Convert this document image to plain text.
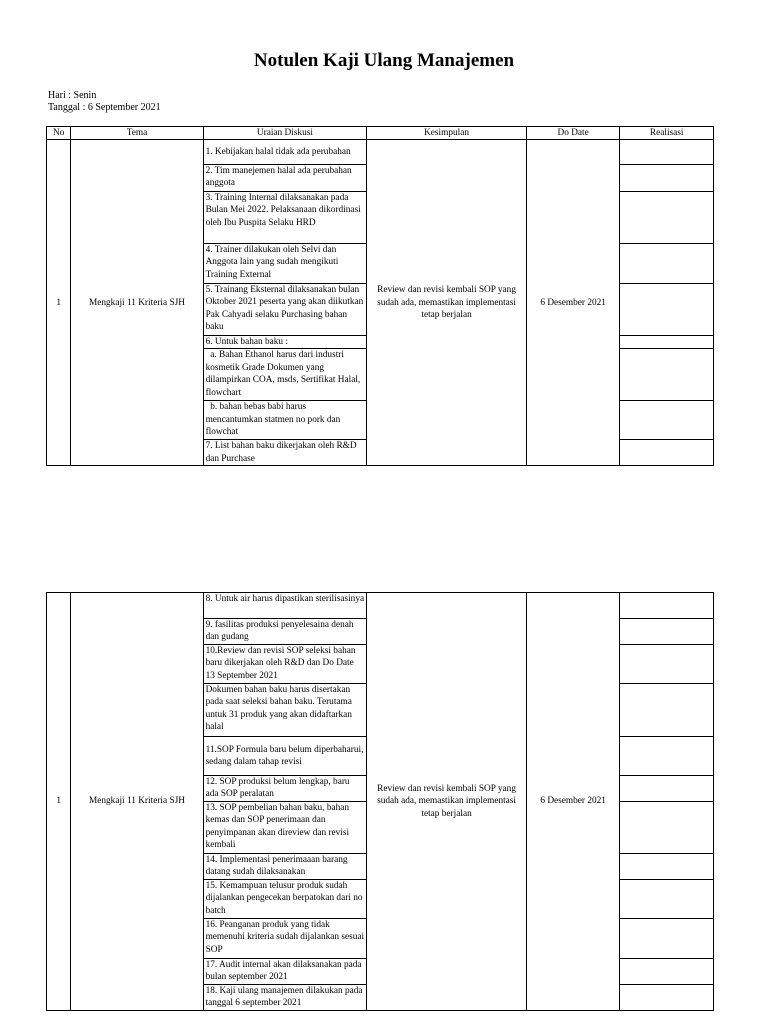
Notulen Kaji Ulang Manajemen
Hari : Senin
Tanggal : 6 September 2021
No	Tema	Uraian Diskusi	Kesimpulan	Do Date	Realisasi
1	Mengkaji 11 Kriteria SJH	1. Kebijakan halal tidak ada perubahan	Review dan revisi kembali SOP yang sudah ada, memastikan implementasi tetap berjalan	6 Desember 2021	
		2. Tim manejemen halal ada perubahan anggota			
		3. Training Internal dilaksanakan pada Bulan Mei 2022. Pelaksanaan dikordinasi oleh Ibu Puspita Selaku HRD			
		4. Trainer dilakukan oleh Selvi dan Anggota lain yang sudah mengikuti Training External			
		5. Trainang Eksternal dilaksanakan bulan Oktober 2021 peserta yang akan diikutkan Pak Cahyadi selaku Purchasing bahan baku			
		6. Untuk bahan baku :			
		a. Bahan Ethanol harus dari industri kosmetik Grade Dokumen yang dilampirkan COA, msds, Sertifikat Halal, flowchart			
		b. bahan bebas babi harus mencantumkan statmen no pork dan flowchat			
		7. List bahan baku dikerjakan oleh R&D dan Purchase			
1	Mengkaji 11 Kriteria SJH	8. Untuk air harus dipastikan sterilisasinya	Review dan revisi kembali SOP yang sudah ada, memastikan implementasi tetap berjalan	6 Desember 2021	
		9. fasilitas produksi penyelesaina denah dan gudang			
		10.Review dan revisi SOP seleksi bahan baru dikerjakan oleh R&D dan Do Date 13 September 2021			
		Dokumen bahan baku harus disertakan pada saat seleksi bahan baku. Terutama untuk 31 produk yang akan didaftarkan halal			
		11.SOP Formula baru belum diperbaharui, sedang dalam tahap revisi			
		12. SOP produksi belum lengkap, baru ada SOP peralatan			
		13. SOP pembelian bahan baku, bahan kemas dan SOP penerimaan dan penyimpanan akan direview dan revisi kembali			
		14. Implementasi penerimaaan barang datang sudah dilaksanakan			
		15. Kemampuan telusur produk sudah dijalankan pengecekan berpatokan dari no batch			
		16. Peanganan produk yang tidak memenuhi kriteria sudah dijalankan sesuai SOP			
		17. Audit internal akan dilaksanakan pada bulan september 2021			
		18. Kaji ulang manajemen dilakukan pada tanggal 6 september 2021			
